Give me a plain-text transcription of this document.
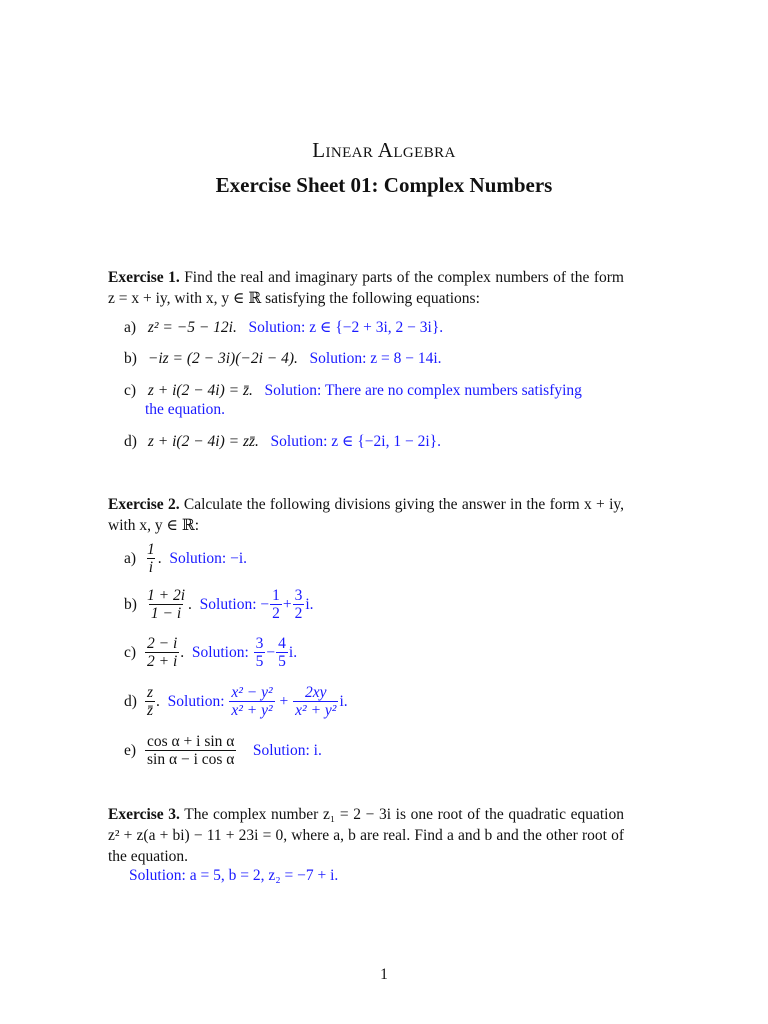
Linear Algebra
Exercise Sheet 01: Complex Numbers
Exercise 1. Find the real and imaginary parts of the complex numbers of the form z = x + iy, with x, y ∈ ℝ satisfying the following equations:
a) z² = −5 − 12i. Solution: z ∈ {−2 + 3i, 2 − 3i}.
b) −iz = (2 − 3i)(−2i − 4). Solution: z = 8 − 14i.
c) z + i(2 − 4i) = z̄. Solution: There are no complex numbers satisfying
the equation.
d) z + i(2 − 4i) = zz̄. Solution: z ∈ {−2i, 1 − 2i}.
Exercise 2. Calculate the following divisions giving the answer in the form x + iy, with x, y ∈ ℝ:
$a) \frac{1}{i}$ . Solution: −i.
$b) \frac{1 + 2i}{1 - i}$ . Solution: − $\frac{1}{2} + \frac{3}{2} i$.
$c) \frac{2 - i}{2 + i}$ . Solution:
$\frac{3}{5} - \frac{4}{5} i$.
$d) \frac{z}{z̄}$ . Solution:
$\frac{\text{x² − y²}}{\text{x² + y²}}$
+
$\frac{2xy}{\text{x² + y²}} i$.
$e) \frac{\text{cos α + i sin α}}{\text{sin α − i cos α}}$
Solution: i.
Exercise 3. The complex number z₁ = 2 − 3i is one root of the quadratic equation z² + z(a + bi) − 11 + 23i = 0, where a, b are real. Find a and b and the other root of the equation.
Solution: a = 5, b = 2, z₂ = −7 + i.
1
